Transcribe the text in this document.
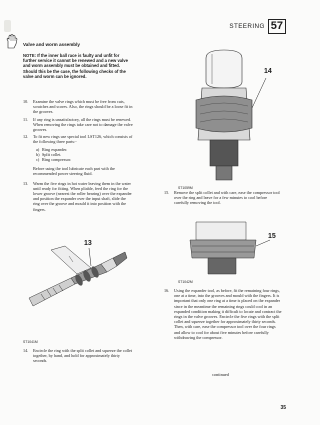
STEERING 57
Valve and worm assembly
NOTE: If the inner ball race is faulty and unfit for further service it cannot be renewed and a new valve and worm assembly must be obtained and fitted. Should this be the case, the following checks of the valve and worm can be ignored.
10.	Examine the valve rings which must be free from cuts, scratches and scores. Also, the rings should be a loose fit in the grooves.
11.	If any ring is unsatisfactory, all the rings must be renewed. When removing the rings take care not to damage the valve grooves.
12.	To fit new rings use special tool LST126, which consists of the following three parts:-
a) Ring expander.
b) Split collet.
c) Ring compressor.
Before using the tool lubricate each part with the recommended power steering fluid.
13.	Warm the five rings in hot water leaving them in the water until ready for fitting. When pliable, feed the ring for the lower groove (nearest the roller bearing) over the expander and position the expander over the input shaft, slide the ring over the groove and mould it into position with the fingers.
13
ST1041M
14.	Encircle the ring with the split collet and squeeze the collet together, by hand, and hold for approximately thirty seconds.
14
ST1059M
15.	Remove the split collet and with care, ease the compressor tool over the ring and leave for a few minutes to cool before carefully removing the tool.
15
ST1042M
16.	Using the expander tool, as before, fit the remaining four rings, one at a time, into the grooves and mould with the fingers. It is important that only one ring at a time is placed on the expander since in the meantime the remaining rings could cool in an expanded condition making it difficult to locate and contract the rings in the valve grooves. Encircle the five rings with the split collet and squeeze together for approximately thirty seconds. Then, with care, ease the compressor tool over the four rings and allow to cool for about five minutes before carefully withdrawing the compressor.
continued
35
